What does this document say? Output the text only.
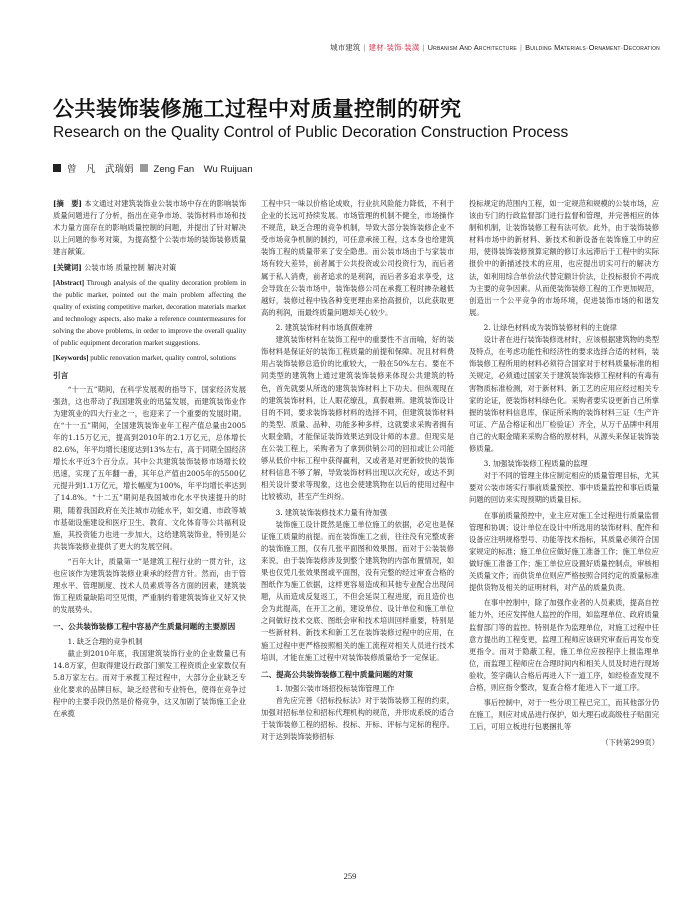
城市建筑 | 建材·装饰·装潢 | Urbanism And Architecture | Building Materials·Ornament·Decoration
公共装饰装修施工过程中对质量控制的研究
Research on the Quality Control of Public Decoration Construction Process
曾　凡　武瑞娟 Zeng Fan　Wu Ruijuan

[摘　要] 本文通过对建筑装饰业公装市场中存在的影响装饰质量问题进行了分析，指出在竞争市场、装饰材料市场和技术力量方面存在的影响质量控制的问题，并提出了针对解决以上问题的参考对策，为提高整个公装市场的装饰装修质量建言献策。

[关键词] 公装市场 质量控制 解决对策

[Abstract] Through analysis of the quality decoration problem in the public market, pointed out the main problem affecting the quality of existing competitive market, decoration materials market and technology aspects, also make a reference countermeasures for solving the above problems, in order to improve the overall quality of public equipment decoration market suggestions.

[Keywords] public renovation market, quality control, solutions

引言

“十一五”期间，在科学发展观的指导下，国家经济发展强劲，这也带动了我国建筑业的迅猛发展，而建筑装饰业作为建筑业的四大行业之一，也迎来了一个重要的发展时期。在“十一五”期间，全国建筑装饰业年工程产值总量由2005年的1.15万亿元，提高到2010年的2.1万亿元，总体增长82.6%，年平均增长速度达到13%左右，高于同期全国经济增长水平近3个百分点。其中公共建筑装饰装修市场增长较迅速，实现了五年翻一番，其年总产值由2005年的5500亿元提升到1.1万亿元，增长幅度为100%，年平均增长率达到了14.8%。“十二五”期间是我国城市化水平快速提升的时期，随着我国政府在关注城市功能水平，如交通、市政等城市基础设施建设和医疗卫生、教育、文化体育等公共福利设施，其投资能力也进一步加大，这给建筑装饰业，特别是公共装饰装修业提供了更大的发展空间。

“百年大计，质量第一”是建筑工程行业的一贯方针，这也应该作为建筑装饰装修业秉承的经营方针。然而，由于管理水平、管理制度、技术人员素质等各方面的因素，建筑装饰工程质量缺陷司空见惯，严重制约着建筑装饰业又好又快的发展势头。

一、公共装饰装修工程中容易产生质量问题的主要原因
1. 缺乏合理的竞争机制

截止到2010年底，我国建筑装饰行业的企业数量已有14.8万家，但取得建设行政部门颁发工程资质企业家数仅有5.8万家左右。而对于承揽工程过程中，大部分企业缺乏专业化要求的品牌目标，缺乏经营和专业特色，使得在竞争过程中的主要手段仍然是价格竞争，这又加剧了装饰施工企业在承揽

工程中只一味以价格论成败，行业抗风险能力降低，不利于企业的长远可持续发展。市场管理的机制不健全，市场操作不规范，缺乏合理的竞争机制，导致大部分装饰装修企业不受市场竞争机制的制约，可任意承接工程，这本身也给建筑装饰工程的质量带来了安全隐患。而公装市场由于与家装市场有较大差异，前者属于公共投资或公司投资行为，而后者属于私人消费，前者追求的是利润，而后者多追求享受，这会导致在公装市场中，装饰装修公司在承揽工程时掺杂越低越好，装修过程中钱各种变更理由来抬高报价，以此获取更高的利润，而最终质量问题却关心较少。

2. 建筑装饰材料市场真假难辨

建筑装饰材料在装饰工程中的重要性不言而喻，好的装饰材料是保证好的装饰工程质量的前提和保障。况且材料费用占装饰装修总造价的比重较大，一般在50%左右。要在不同类型的建筑物上通过建筑装饰装修来体现公共建筑的特色，首先就要从所选的建筑装饰材料上下功夫。但纵观现在的建筑装饰材料，让人眼花缭乱，真假难辨。建筑装饰设计目的不同，要求装饰装修材料的选择不同，但建筑装饰材料的类型、质量、品种、功能多种多样，这就要求采购者拥有火眼金睛，才能保证装饰效果达到设计师的本意。但现实是在公装工程上，采购者为了拿到供销公司的回扣或让公司能够从低价中标工程中获得赢利，又或者是对更新较快的装饰材料信息不够了解，导致装饰材料出现以次充好，或达不到相关设计要求等现象，这也会使建筑物在以后的使用过程中比较被动，甚至产生纠纷。

3. 建筑装饰装修技术力量有待加强

装饰施工设计既然是施工单位施工的依据，必定也是保证施工质量的前提。而在装饰施工之前，往往没有完整成套的装饰施工图，仅有几张平面图和效果图。而对于公装装修来说，由于装饰装修涉及到整个建筑物的内部布置情况，如果也仅凭几张效果图或平面图，没有完整的经过审查合格的图纸作为施工依据，这样更容易造成和其他专业配合出现问题，从而造成反复返工，不但会延误工程进度，而且造价也会为此提高，在开工之前，建设单位、设计单位和施工单位之间做好技术交底、图纸会审和技术培训回样重要，特别是一些新材料、新技术和新工艺在装饰装修过程中的应用，在施工过程中更严格按照相关的施工流程对相关人员进行技术培训，才能在施工过程中对装饰装修质量给予一定保证。

二、提高公共装饰装修工程中质量问题的对策
1. 加强公装市场招投标装饰管理工作

首先应完善《招标投标法》对于装饰装修工程的约束，加强对招标单位和招标代理机构的规范，并形成系统的适合于装饰装修工程的招标、投标、开标、评标与定标的程序。对于达到装饰装修招标

投标规定的范围内工程，如一定规范和规模的公装市场，应该由专门的行政监督部门进行监督和管理，并完善相应的体制和机制，让装饰装修工程有法可依。此外，由于装饰装修材料市场中的新材料、新技术和新设备在装饰施工中的应用，使得装饰装修预算定额的修订永远滞后于工程中的实际报价中的新描述技术的应用，也应提出切实可行的解决方法，如利用综合单价法代替定额计价法，让投标报价不再成为主要的竞争因素。从而使装饰装修工程的工作更加规范，创造出一个公平竞争的市场环境，促进装饰市场的和谐发展。

2. 让绿色材料成为装饰装修材料的主旋律

设计者在进行装饰装修选材时，应该根据建筑物的类型及特点，在考虑功能性和经济性的要求选择合适的材料，装饰装修工程所用的材料必须符合国家对于材料质量标准的相关规定，必须通过国家关于建筑装饰装修工程材料的有毒有害物质标准检测，对于新材料、新工艺的应用应经过相关专家的论证，使装饰材料绿色化。采购者要实设更新自己所掌握的装饰材料信息库，保证所采购的装饰材料三证（生产许可证、产品合格证和出厂检验证）齐全，从万千品牌中利用自己的火眼金睛来采购合格的原材料，从源头来保证装饰装修质量。

3. 加强装饰装修工程质量的监理

对于不同的管理主体应制定相应的质量管理目标，尤其要对公装市场实行事前质量预控、事中质量监控和事后质量问题的回访来实现预期的质量目标。

在事前质量预控中，业主应对施工全过程进行质量监督管理和协调；设计单位在设计中所选用的装饰材料、配件和设备应注明规格型号、功能等技术指标，其质量必须符合国家规定的标准；施工单位应做好施工准备工作；施工单位应做好施工准备工作；施工单位应设置好质量控制点，审核相关质量文件；而供货单位则应严格按照合同约定的质量标准提供货物及相关的证明材料，对产品的质量负责。

在事中控制中，除了加强作业者的人员素质，提高自控能力外，还应发挥他人监控的作用，如监理单位、政府质量监督部门等的监控。特别是作为监理单位，对施工过程中任意方提出的工程变更，监理工程师应该研究审查后再发布变更指令。而对于隐蔽工程，施工单位应按程序上报监理单位，而监理工程师应在合理时间内和相关人员及时进行现场验收，签字确认合格后再进入下一道工序，如经检查发现不合格，则应指令整改，复查合格才能进入下一道工序。

事后控制中，对于一些分项工程已完工，而其他部分仍在施工，则应对成品进行保护，如大理石或高级柱子贴面完工后，可用立板进行包裹捆扎等

（下转第299页）

259
